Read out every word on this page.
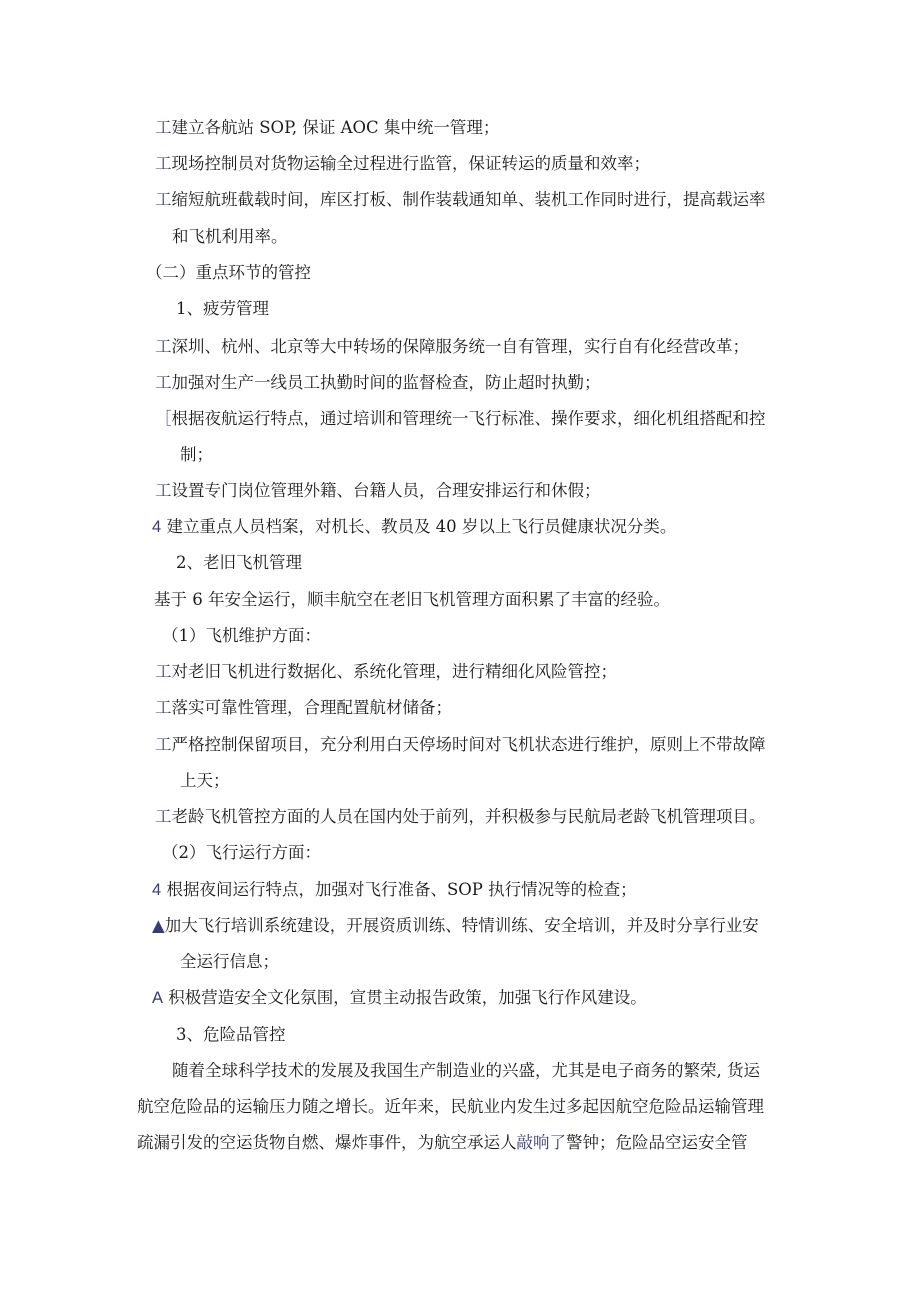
工建立各航站 SOP, 保证 AOC 集中统一管理；
工现场控制员对货物运输全过程进行监管，保证转运的质量和效率；
工缩短航班截载时间，库区打板、制作装载通知单、装机工作同时进行，提高载运率
和飞机利用率。
（二）重点环节的管控
1、疲劳管理
工深圳、杭州、北京等大中转场的保障服务统一自有管理，实行自有化经营改革；
工加强对生产一线员工执勤时间的监督检查，防止超时执勤；
［根据夜航运行特点，通过培训和管理统一飞行标准、操作要求，细化机组搭配和控
制；
工设置专门岗位管理外籍、台籍人员，合理安排运行和休假；
4 建立重点人员档案，对机长、教员及 40 岁以上飞行员健康状况分类。
2、老旧飞机管理
基于 6 年安全运行，顺丰航空在老旧飞机管理方面积累了丰富的经验。
（1）飞机维护方面：
工对老旧飞机进行数据化、系统化管理，进行精细化风险管控；
工落实可靠性管理，合理配置航材储备；
工严格控制保留项目，充分利用白天停场时间对飞机状态进行维护，原则上不带故障
上天；
工老龄飞机管控方面的人员在国内处于前列，并积极参与民航局老龄飞机管理项目。
（2）飞行运行方面：
4 根据夜间运行特点，加强对飞行准备、SOP 执行情况等的检查；
▲加大飞行培训系统建设，开展资质训练、特情训练、安全培训，并及时分享行业安
全运行信息；
A 积极营造安全文化氛围，宣贯主动报告政策，加强飞行作风建设。
3、危险品管控
随着全球科学技术的发展及我国生产制造业的兴盛，尤其是电子商务的繁荣, 货运
航空危险品的运输压力随之增长。近年来，民航业内发生过多起因航空危险品运输管理
疏漏引发的空运货物自燃、爆炸事件，为航空承运人敲响了警钟；危险品空运安全管
